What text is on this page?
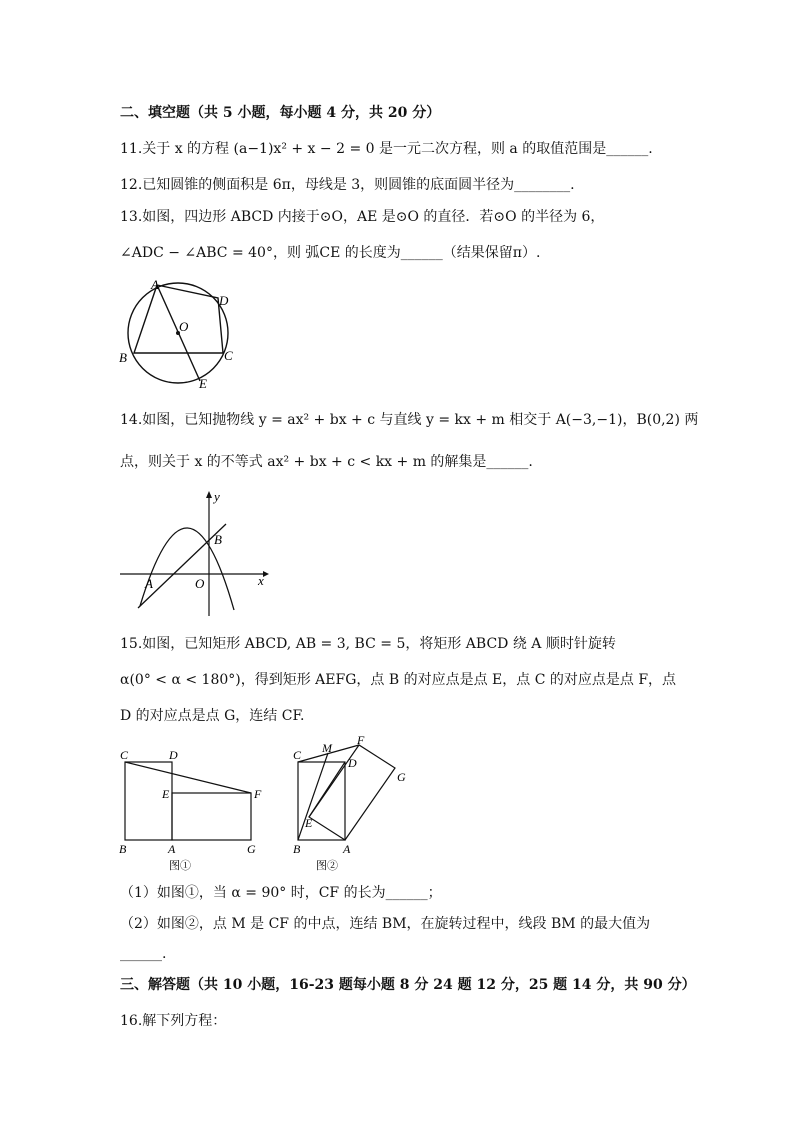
二、填空题（共 5 小题，每小题 4 分，共 20 分）
11.关于 x 的方程 (a−1)x² + x − 2 = 0 是一元二次方程，则 a 的取值范围是______.
12.已知圆锥的侧面积是 6π，母线是 3，则圆锥的底面圆半径为________.
13.如图，四边形 ABCD 内接于⊙O，AE 是⊙O 的直径．若⊙O 的半径为 6，
∠ADC − ∠ABC = 40°，则 弧CE 的长度为______（结果保留π）.
A
D
O
B	C
E
14.如图，已知抛物线 y = ax² + bx + c 与直线 y = kx + m 相交于 A(−3,−1)，B(0,2) 两
点，则关于 x 的不等式 ax² + bx + c < kx + m 的解集是______.
y
x
B
A	O
15.如图，已知矩形 ABCD, AB = 3, BC = 5，将矩形 ABCD 绕 A 顺时针旋转
α(0° < α < 180°)，得到矩形 AEFG，点 B 的对应点是点 E，点 C 的对应点是点 F，点
D 的对应点是点 G，连结 CF.
C	D
E	F
B	A	G
图①
C M
F
D
G
E
B	A
图②
（1）如图①，当 α = 90° 时，CF 的长为______；
（2）如图②，点 M 是 CF 的中点，连结 BM，在旋转过程中，线段 BM 的最大值为
______.
三、解答题（共 10 小题，16-23 题每小题 8 分 24 题 12 分，25 题 14 分，共 90 分）
16.解下列方程：
